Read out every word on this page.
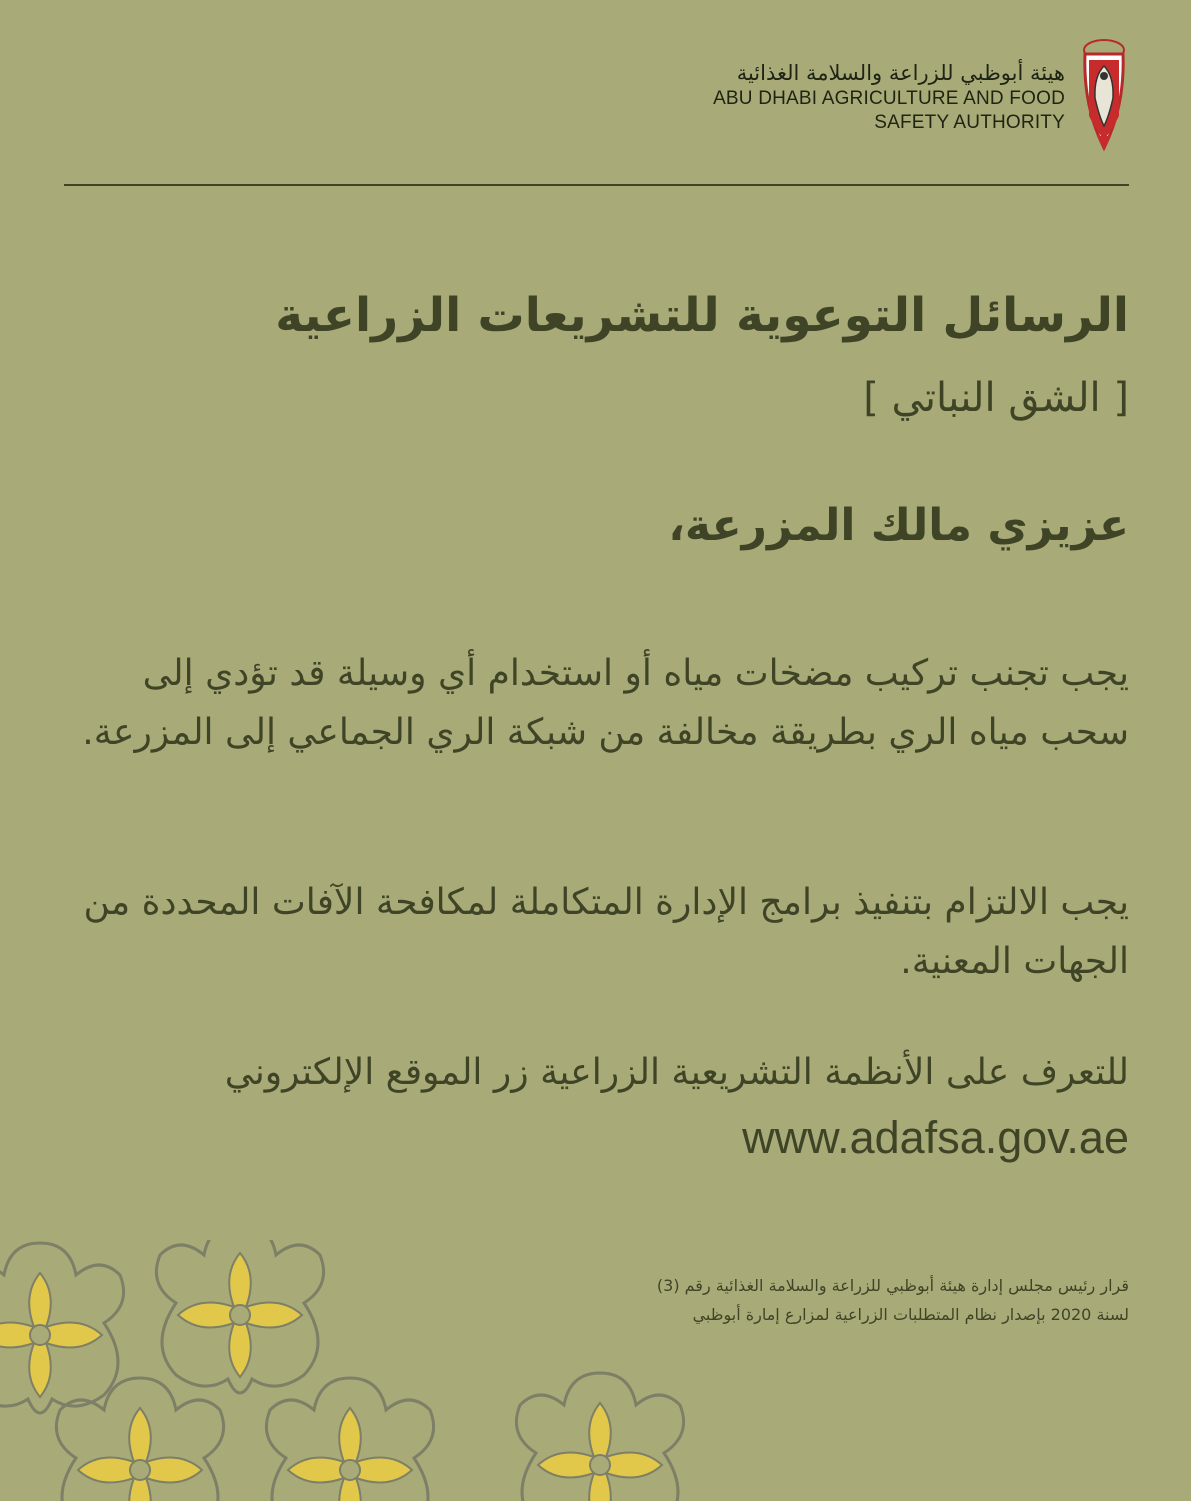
هيئة أبوظبي للزراعة والسلامة الغذائية
ABU DHABI AGRICULTURE AND FOOD
SAFETY AUTHORITY
الرسائل التوعوية للتشريعات الزراعية
[ الشق النباتي ]
عزيزي مالك المزرعة،
يجب تجنب تركيب مضخات مياه أو استخدام أي وسيلة قد تؤدي إلى سحب مياه الري بطريقة مخالفة من شبكة الري الجماعي إلى المزرعة.
يجب الالتزام بتنفيذ برامج الإدارة المتكاملة لمكافحة الآفات المحددة من الجهات المعنية.
للتعرف على الأنظمة التشريعية الزراعية زر الموقع الإلكتروني
www.adafsa.gov.ae
قرار رئيس مجلس إدارة هيئة أبوظبي للزراعة والسلامة الغذائية رقم (3)
لسنة 2020 بإصدار نظام المتطلبات الزراعية لمزارع إمارة أبوظبي
